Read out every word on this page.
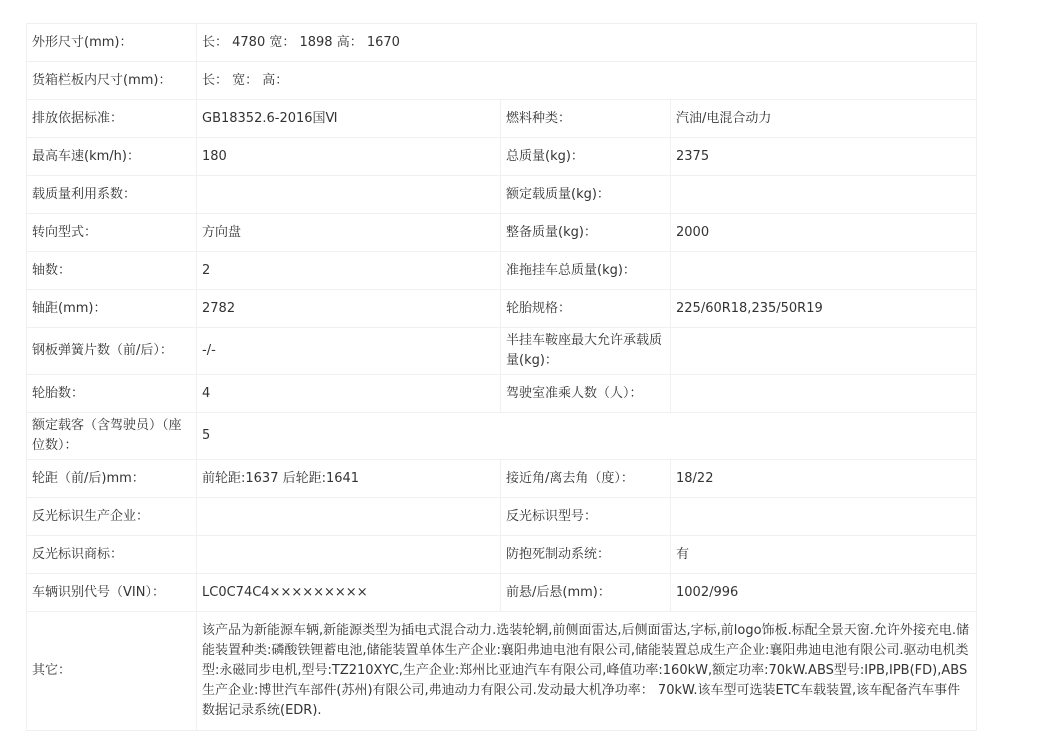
外形尺寸(mm)：	长： 4780 宽： 1898 高： 1670		
货箱栏板内尺寸(mm)：	长： 宽： 高：		
排放依据标准：	GB18352.6-2016国Ⅵ	燃料种类：	汽油/电混合动力
最高车速(km/h)：	180	总质量(kg)：	2375
载质量利用系数：		额定载质量(kg)：	
转向型式：	方向盘	整备质量(kg)：	2000
轴数：	2	准拖挂车总质量(kg)：	
轴距(mm)：	2782	轮胎规格：	225/60R18,235/50R19
钢板弹簧片数（前/后）：	-/-	半挂车鞍座最大允许承载质量(kg)：	
轮胎数：	4	驾驶室准乘人数（人）：	
额定载客（含驾驶员）（座位数）：	5		
轮距（前/后)mm：	前轮距:1637 后轮距:1641	接近角/离去角（度）：	18/22
反光标识生产企业：		反光标识型号：	
反光标识商标：		防抱死制动系统：	有
车辆识别代号（VIN）：	LC0C74C4×××××××××	前悬/后悬(mm)：	1002/996
其它：	该产品为新能源车辆,新能源类型为插电式混合动力.选装轮辋,前侧面雷达,后侧面雷达,字标,前logo饰板.标配全景天窗.允许外接充电.储能装置种类:磷酸铁锂蓄电池,储能装置单体生产企业:襄阳弗迪电池有限公司,储能装置总成生产企业:襄阳弗迪电池有限公司.驱动电机类型:永磁同步电机,型号:TZ210XYC,生产企业:郑州比亚迪汽车有限公司,峰值功率:160kW,额定功率:70kW.ABS型号:IPB,IPB(FD),ABS生产企业:博世汽车部件(苏州)有限公司,弗迪动力有限公司.发动最大机净功率： 70kW.该车型可选装ETC车载装置,该车配备汽车事件数据记录系统(EDR).		
